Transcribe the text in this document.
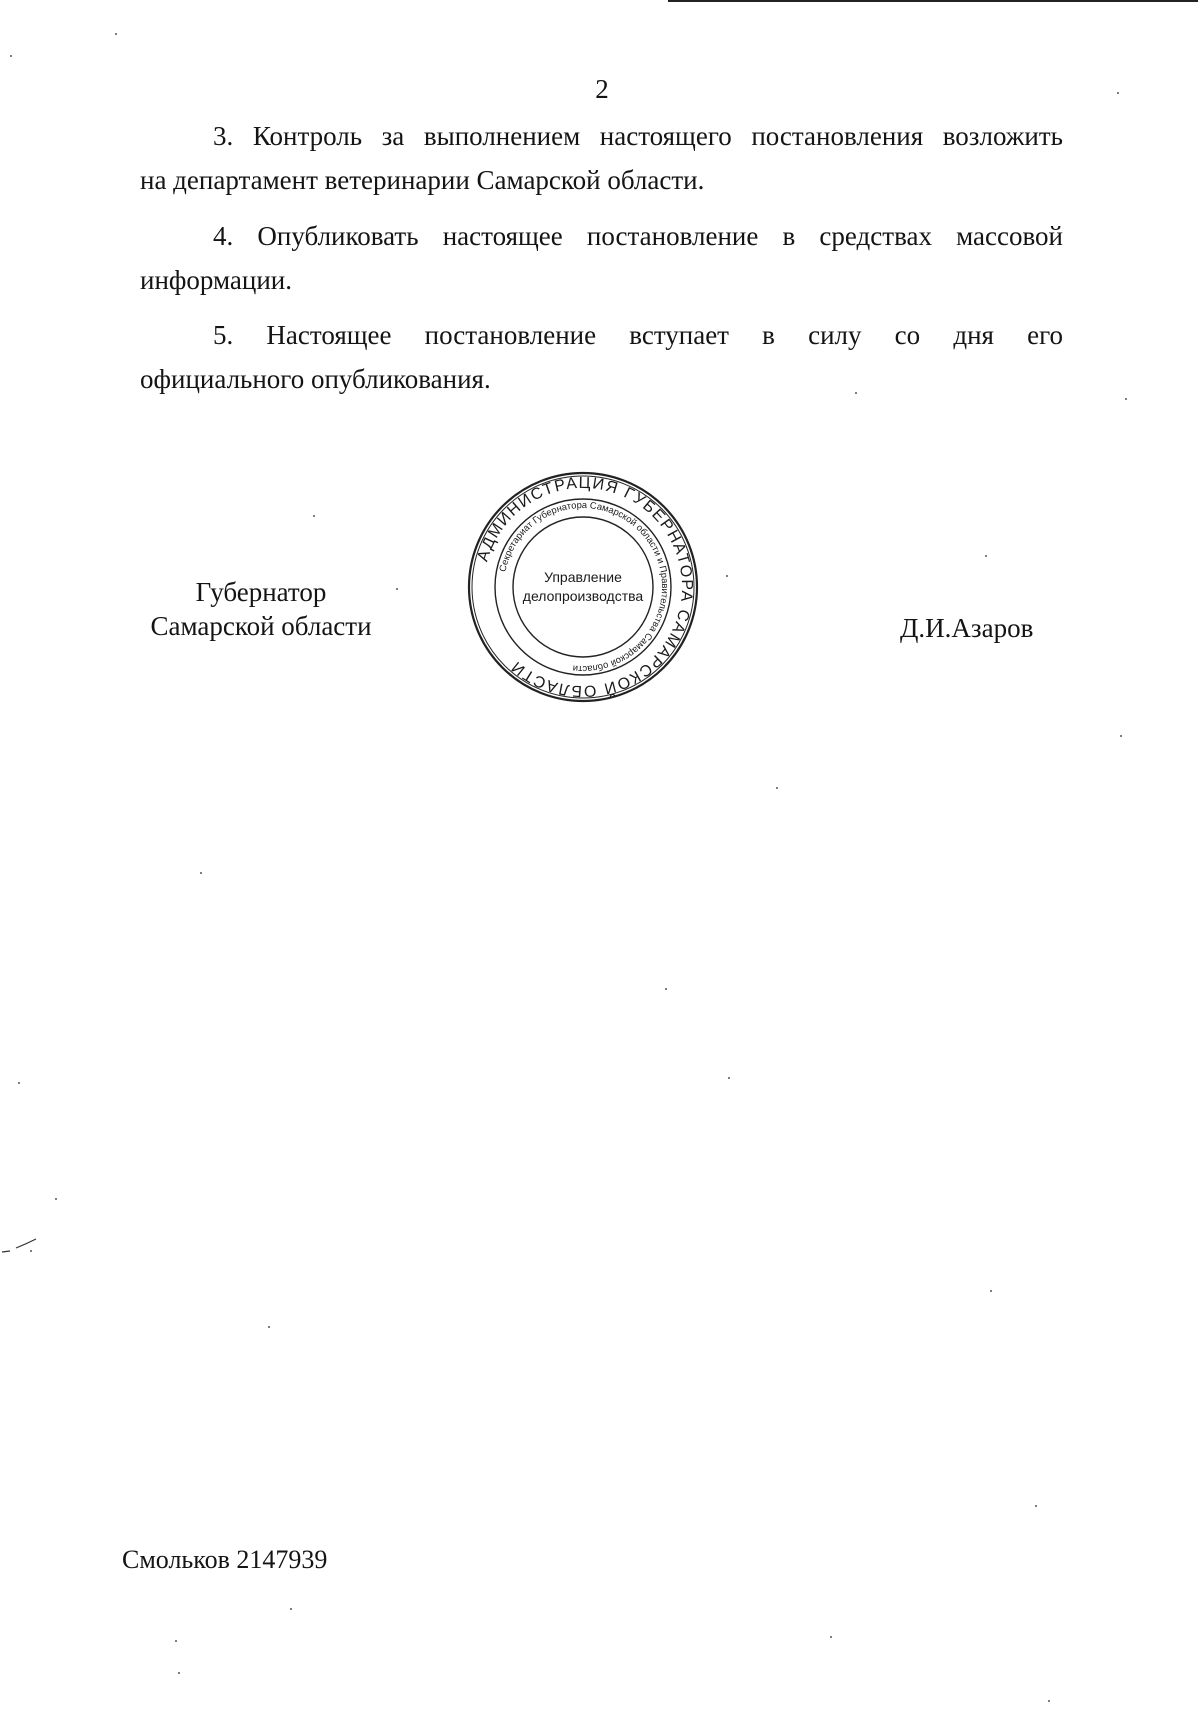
2
3. Контроль за выполнением настоящего постановления возложить
на департамент ветеринарии Самарской области.
4. Опубликовать настоящее постановление в средствах массовой
информации.
5. Настоящее постановление вступает в силу со дня его
официального опубликования.
Губернатор
Самарской области
АДМИНИСТРАЦИЯ ГУБЕРНАТОРА САМАРСКОЙ ОБЛАСТИ
Секретариат Губернатора Самарской области и Правительства Самарской области
Управление
делопроизводства
Д.И.Азаров
Смольков 2147939
